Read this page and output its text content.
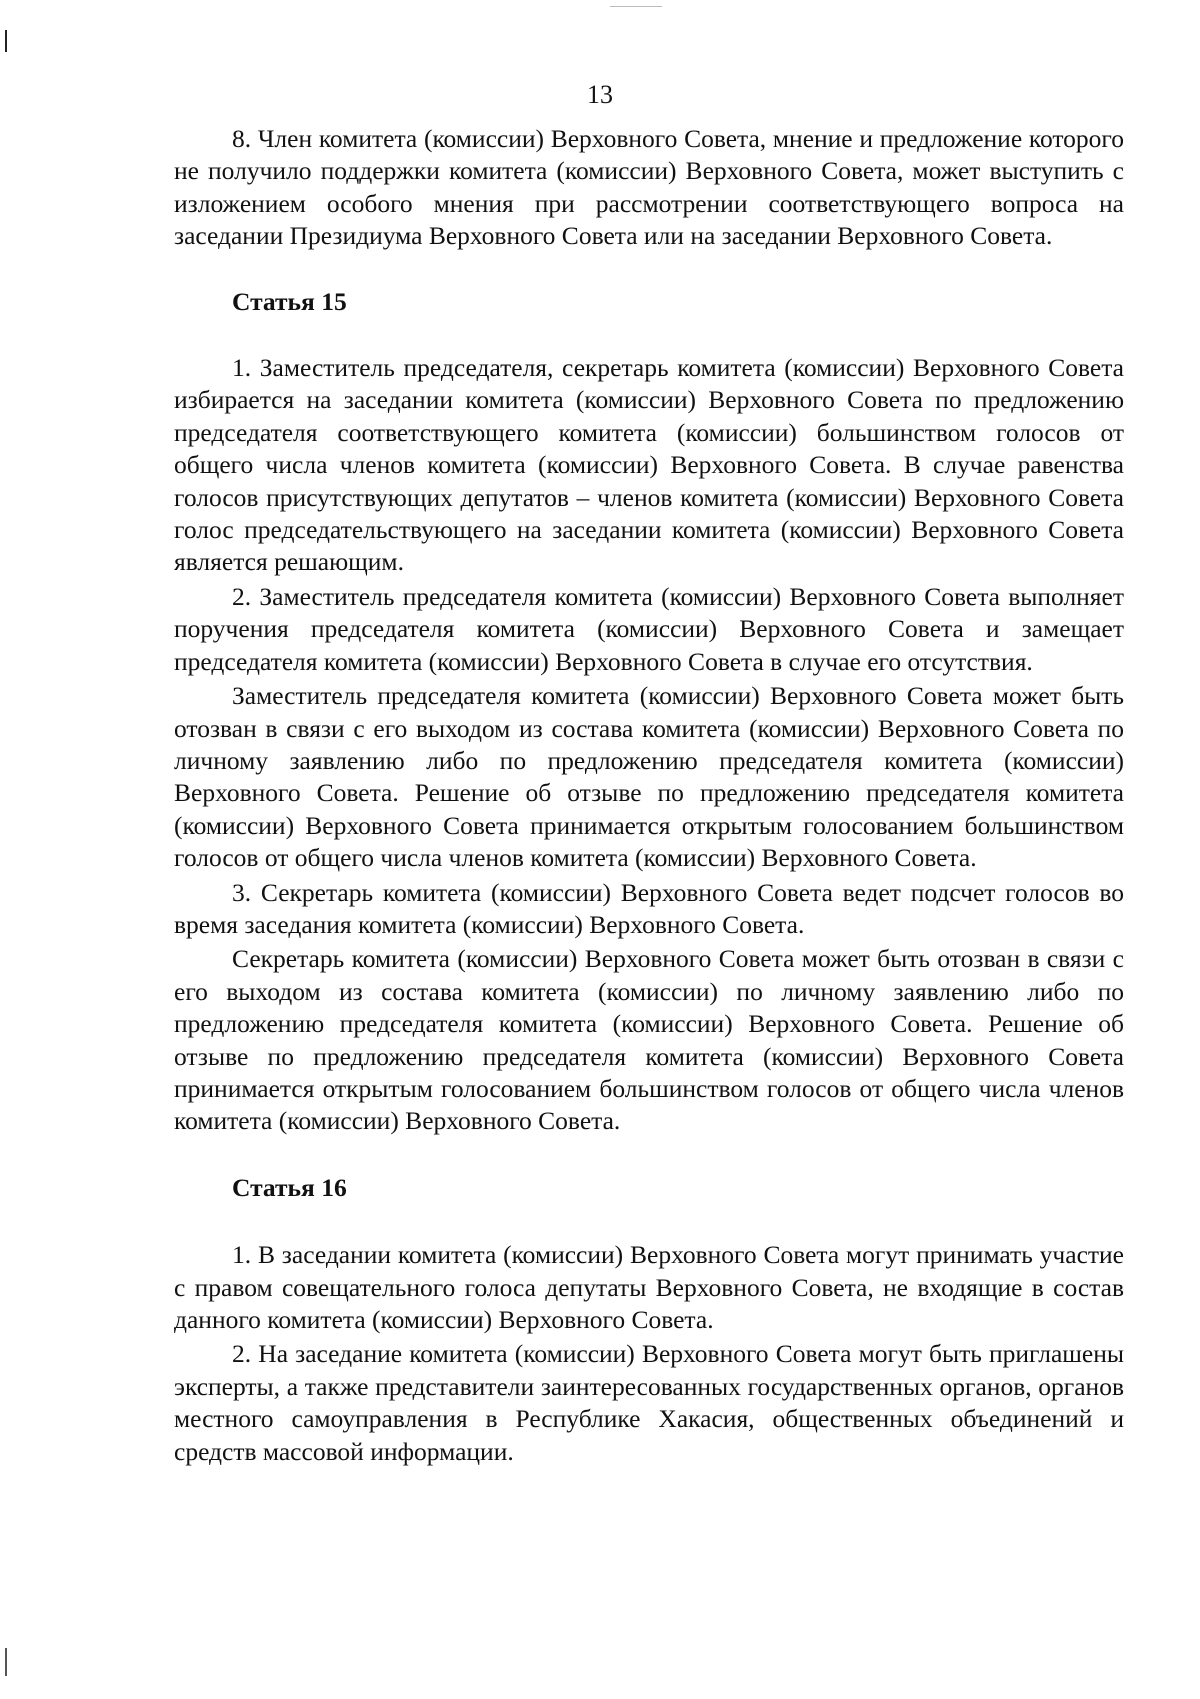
13

8. Член комитета (комиссии) Верховного Совета, мнение и предложение которого не получило поддержки комитета (комиссии) Верховного Совета, может выступить с изложением особого мнения при рассмотрении соответствующего вопроса на заседании Президиума Верховного Совета или на заседании Верховного Совета.

Статья 15

1. Заместитель председателя, секретарь комитета (комиссии) Верховного Совета избирается на заседании комитета (комиссии) Верховного Совета по предложению председателя соответствующего комитета (комиссии) большинством голосов от общего числа членов комитета (комиссии) Верховного Совета. В случае равенства голосов присутствующих депутатов – членов комитета (комиссии) Верховного Совета голос председательствующего на заседании комитета (комиссии) Верховного Совета является решающим.

2. Заместитель председателя комитета (комиссии) Верховного Совета выполняет поручения председателя комитета (комиссии) Верховного Совета и замещает председателя комитета (комиссии) Верховного Совета в случае его отсутствия.

Заместитель председателя комитета (комиссии) Верховного Совета может быть отозван в связи с его выходом из состава комитета (комиссии) Верховного Совета по личному заявлению либо по предложению председателя комитета (комиссии) Верховного Совета. Решение об отзыве по предложению председателя комитета (комиссии) Верховного Совета принимается открытым голосованием большинством голосов от общего числа членов комитета (комиссии) Верховного Совета.

3. Секретарь комитета (комиссии) Верховного Совета ведет подсчет голосов во время заседания комитета (комиссии) Верховного Совета.

Секретарь комитета (комиссии) Верховного Совета может быть отозван в связи с его выходом из состава комитета (комиссии) по личному заявлению либо по предложению председателя комитета (комиссии) Верховного Совета. Решение об отзыве по предложению председателя комитета (комиссии) Верховного Совета принимается открытым голосованием большинством голосов от общего числа членов комитета (комиссии) Верховного Совета.

Статья 16

1. В заседании комитета (комиссии) Верховного Совета могут принимать участие с правом совещательного голоса депутаты Верховного Совета, не входящие в состав данного комитета (комиссии) Верховного Совета.

2. На заседание комитета (комиссии) Верховного Совета могут быть приглашены эксперты, а также представители заинтересованных государственных органов, органов местного самоуправления в Республике Хакасия, общественных объединений и средств массовой информации.
